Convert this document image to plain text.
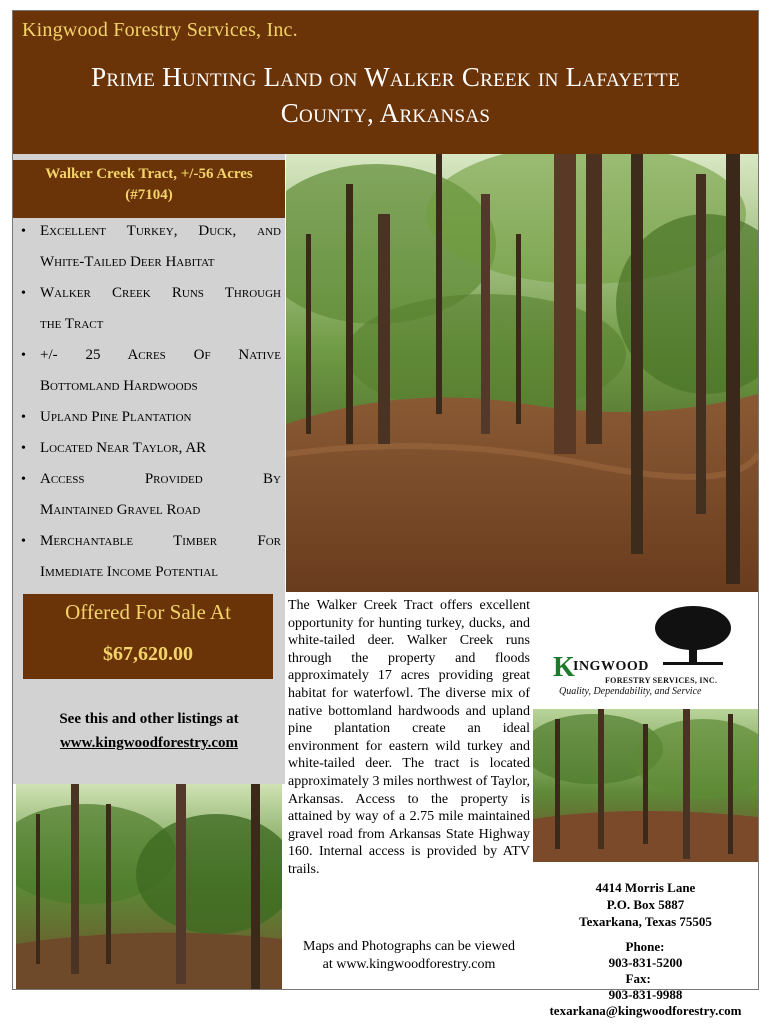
Kingwood Forestry Services, Inc.
Prime Hunting Land on Walker Creek in Lafayette
County, Arkansas
Walker Creek Tract, +/-56 Acres
(#7104)
• Excellent Turkey, Duck, and
White-Tailed Deer Habitat
• Walker Creek Runs Through
the Tract
• +/- 25 Acres Of Native
Bottomland Hardwoods
• Upland Pine Plantation
• Located Near Taylor, AR
• Access Provided By
Maintained Gravel Road
• Merchantable Timber For
Immediate Income Potential
Offered For Sale At
$67,620.00
See this and other listings at
www.kingwoodforestry.com
The Walker Creek Tract offers excellent opportunity for hunting turkey, ducks, and white-tailed deer. Walker Creek runs through the property and floods approximately 17 acres providing great habitat for waterfowl. The diverse mix of native bottomland hardwoods and upland pine plantation create an ideal environment for eastern wild turkey and white-tailed deer. The tract is located approximately 3 miles northwest of Taylor, Arkansas. Access to the property is attained by way of a 2.75 mile maintained gravel road from Arkansas State Highway 160. Internal access is provided by ATV trails.
Maps and Photographs can be viewed
at www.kingwoodforestry.com
K
INGWOOD
FORESTRY SERVICES, INC.
Quality, Dependability, and Service
4414 Morris Lane
P.O. Box 5887
Texarkana, Texas 75505
Phone:
903-831-5200
Fax:
903-831-9988
texarkana@kingwoodforestry.com
